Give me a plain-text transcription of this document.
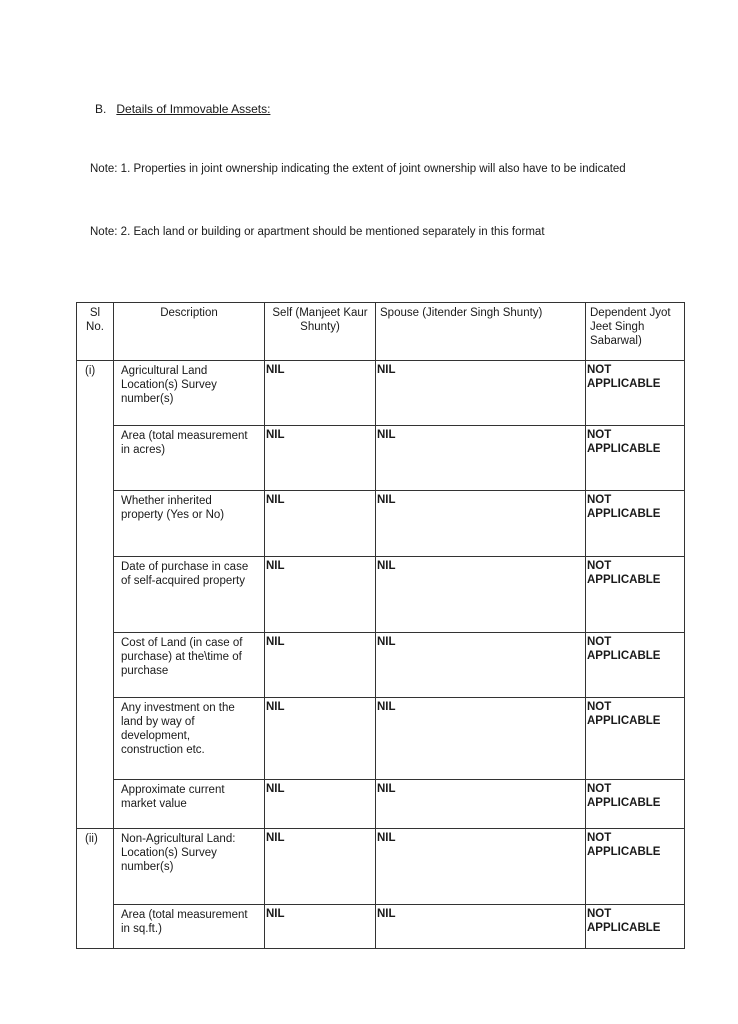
B. Details of Immovable Assets:
Note: 1. Properties in joint ownership indicating the extent of joint ownership will also have to be indicated
Note: 2. Each land or building or apartment should be mentioned separately in this format
Sl No.	Description	Self (Manjeet Kaur Shunty)	Spouse (Jitender Singh Shunty)	Dependent Jyot Jeet Singh Sabarwal)
(i)	Agricultural Land Location(s) Survey number(s)	NIL	NIL	NOT APPLICABLE
	Area (total measurement in acres)	NIL	NIL	NOT APPLICABLE
	Whether inherited property (Yes or No)	NIL	NIL	NOT APPLICABLE
	Date of purchase in case of self-acquired property	NIL	NIL	NOT APPLICABLE
	Cost of Land (in case of purchase) at the\time of purchase	NIL	NIL	NOT APPLICABLE
	Any investment on the land by way of development, construction etc.	NIL	NIL	NOT APPLICABLE
	Approximate current market value	NIL	NIL	NOT APPLICABLE
(ii)	Non-Agricultural Land: Location(s) Survey number(s)	NIL	NIL	NOT APPLICABLE
	Area (total measurement in sq.ft.)	NIL	NIL	NOT APPLICABLE
